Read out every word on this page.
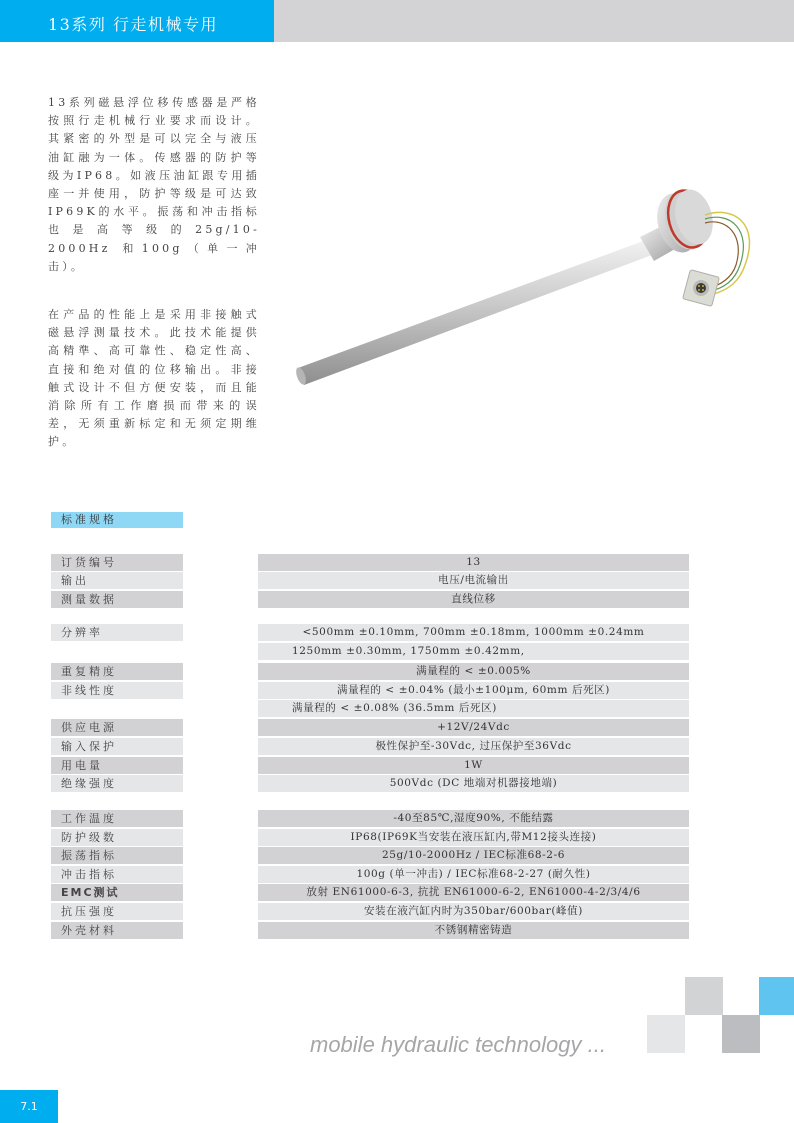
13系列 行走机械专用
13系列磁悬浮位移传感器是严格按照行走机械行业要求而设计。其紧密的外型是可以完全与液压油缸融为一体。传感器的防护等级为IP68。如液压油缸跟专用插座一并使用，防护等级是可达致IP69K的水平。振荡和冲击指标也是高等级的25g/10-2000Hz 和100g（单一冲击）。
在产品的性能上是采用非接触式磁悬浮测量技术。此技术能提供高精準、高可靠性、稳定性高、直接和绝对值的位移输出。非接触式设计不但方便安装，而且能消除所有工作磨损而带来的误差，无须重新标定和无须定期维护。
标准规格
订货编号	13
输出	电压/电流输出
测量数据	直线位移
分辨率	<500mm ±0.10mm, 700mm ±0.18mm, 1000mm ±0.24mm
1250mm ±0.30mm, 1750mm ±0.42mm,
重复精度	满量程的 < ±0.005%
非线性度	满量程的 < ±0.04% (最小±100μm, 60mm 后死区)
满量程的 < ±0.08% (36.5mm 后死区)
供应电源	+12V/24Vdc
输入保护	极性保护至-30Vdc, 过压保护至36Vdc
用电量	1W
绝缘强度	500Vdc (DC 地端对机器接地端)
工作温度	-40至85℃,湿度90%, 不能结露
防护级数	IP68(IP69K当安装在液压缸内,带M12接头连接)
振荡指标	25g/10-2000Hz / IEC标准68-2-6
冲击指标	100g (单一冲击) / IEC标准68-2-27 (耐久性)
EMC测试	放射 EN61000-6-3, 抗扰 EN61000-6-2, EN61000-4-2/3/4/6
抗压强度	安装在液汽缸内时为350bar/600bar(峰值)
外壳材料	不锈钢精密铸造
mobile hydraulic technology ...
7.1
